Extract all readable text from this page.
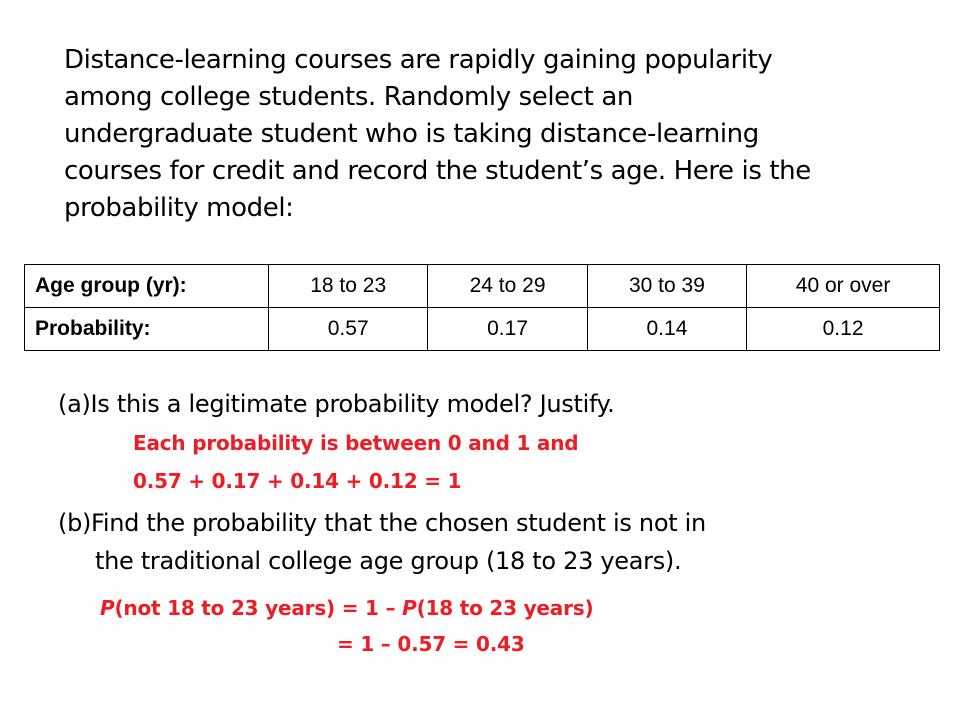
Distance-learning courses are rapidly gaining popularity
among college students. Randomly select an
undergraduate student who is taking distance-learning
courses for credit and record the student’s age. Here is the
probability model:
Age group (yr):	18 to 23	24 to 29	30 to 39	40 or over
Probability:	0.57	0.17	0.14	0.12
(a)Is this a legitimate probability model? Justify.
Each probability is between 0 and 1 and
0.57 + 0.17 + 0.14 + 0.12 = 1
(b)Find the probability that the chosen student is not in
the traditional college age group (18 to 23 years).
P(not 18 to 23 years) = 1 – P(18 to 23 years)
= 1 – 0.57 = 0.43
